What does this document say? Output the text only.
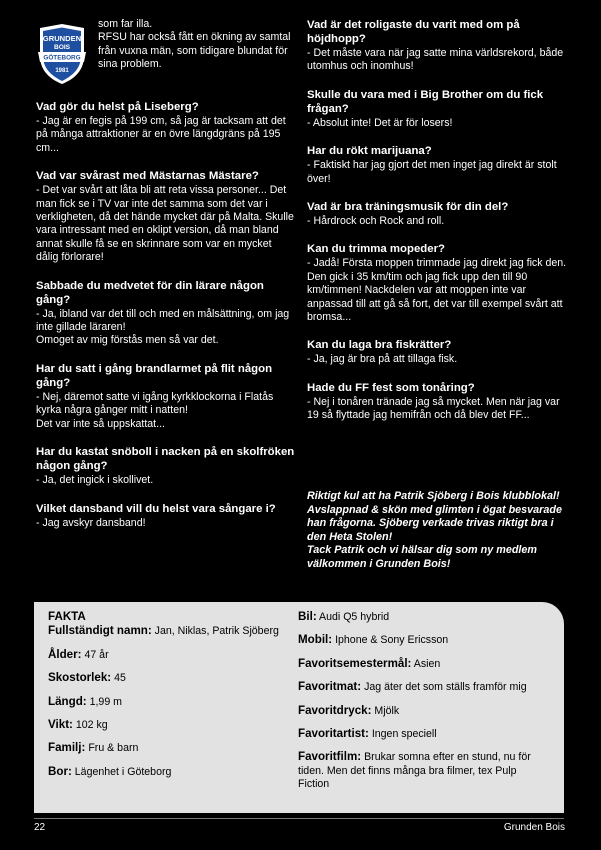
GRUNDEN
BOIS
GÖTEBORG
1981
som far illa.
RFSU har också fått en ökning av samtal från vuxna män, som tidigare blundat för sina problem.
Vad gör du helst på Liseberg?

- Jag är en fegis på 199 cm, så jag är tacksam att det på många attraktioner är en övre längdgräns på 195 cm...

Vad var svårast med Mästarnas Mästare?

- Det var svårt att låta bli att reta vissa personer... Det man fick se i TV var inte det samma som det var i verkligheten, då det hände mycket där på Malta. Skulle vara intressant med en oklipt version, då man bland annat skulle få se en skrinnare som var en mycket dålig förlorare!

Sabbade du medvetet för din lärare någon gång?

- Ja, ibland var det till och med en målsättning, om jag inte gillade läraren!

Omoget av mig förstås men så var det.

Har du satt i gång brandlarmet på flit någon gång?

- Nej, däremot satte vi igång kyrkklockorna i Flatås kyrka några gånger mitt i natten!

Det var inte så uppskattat...

Har du kastat snöboll i nacken på en skolfröken någon gång?

- Ja, det ingick i skollivet.

Vilket dansband vill du helst vara sångare i?

- Jag avskyr dansband!

Vad är det roligaste du varit med om på höjdhopp?

- Det måste vara när jag satte mina världsrekord, både utomhus och inomhus!

Skulle du vara med i Big Brother om du fick frågan?

- Absolut inte! Det är för losers!

Har du rökt marijuana?

- Faktiskt har jag gjort det men inget jag direkt är stolt över!

Vad är bra träningsmusik för din del?

- Hårdrock och Rock and roll.

Kan du trimma mopeder?

- Jadå! Första moppen trimmade jag direkt jag fick den. Den gick i 35 km/tim och jag fick upp den till 90 km/timmen! Nackdelen var att moppen inte var anpassad till att gå så fort, det var till exempel svårt att bromsa...

Kan du laga bra fiskrätter?

- Ja, jag är bra på att tillaga fisk.

Hade du FF fest som tonåring?

- Nej i tonåren tränade jag så mycket. Men när jag var 19 så flyttade jag hemifrån och då blev det FF...

Riktigt kul att ha Patrik Sjöberg i Bois klubblokal! Avslappnad & skön med glimten i ögat besvarade han frågorna. Sjöberg verkade trivas riktigt bra i den Heta Stolen!

Tack Patrik och vi hälsar dig som ny medlem välkommen i Grunden Bois!

FAKTA
Fullständigt namn: Jan, Niklas, Patrik Sjöberg
Ålder: 47 år
Skostorlek: 45
Längd: 1,99 m
Vikt: 102 kg
Familj: Fru & barn
Bor: Lägenhet i Göteborg
Bil: Audi Q5 hybrid
Mobil: Iphone & Sony Ericsson
Favoritsemestermål: Asien
Favoritmat: Jag äter det som ställs framför mig
Favoritdryck: Mjölk
Favoritartist: Ingen speciell
Favoritfilm: Brukar somna efter en stund, nu för tiden. Men det finns många bra filmer, tex Pulp Fiction
22	Grunden Bois
